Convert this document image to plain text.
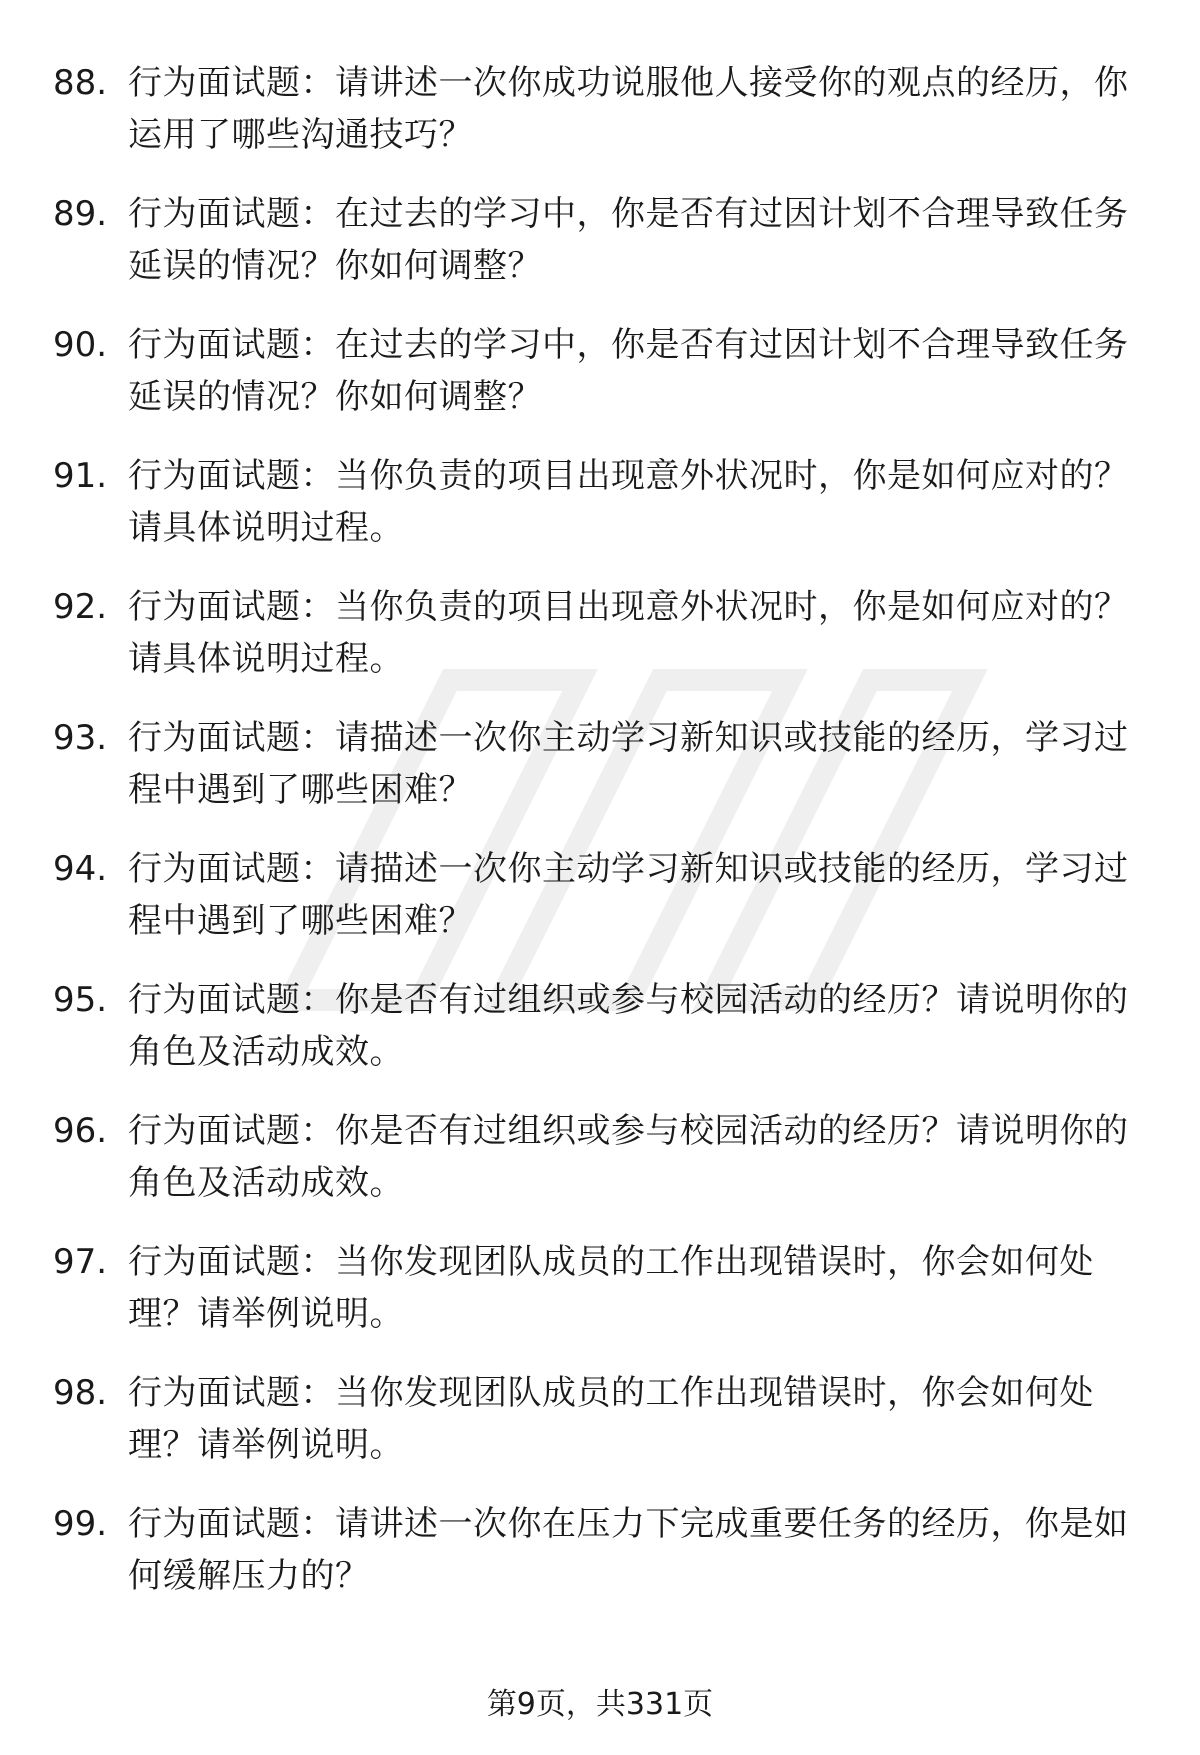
88. 行为面试题：请讲述一次你成功说服他人接受你的观点的经历，你运用了哪些沟通技巧？
89. 行为面试题：在过去的学习中，你是否有过因计划不合理导致任务延误的情况？你如何调整？
90. 行为面试题：在过去的学习中，你是否有过因计划不合理导致任务延误的情况？你如何调整？
91. 行为面试题：当你负责的项目出现意外状况时，你是如何应对的？请具体说明过程。
92. 行为面试题：当你负责的项目出现意外状况时，你是如何应对的？请具体说明过程。
93. 行为面试题：请描述一次你主动学习新知识或技能的经历，学习过程中遇到了哪些困难？
94. 行为面试题：请描述一次你主动学习新知识或技能的经历，学习过程中遇到了哪些困难？
95. 行为面试题：你是否有过组织或参与校园活动的经历？请说明你的角色及活动成效。
96. 行为面试题：你是否有过组织或参与校园活动的经历？请说明你的角色及活动成效。
97. 行为面试题：当你发现团队成员的工作出现错误时，你会如何处理？请举例说明。
98. 行为面试题：当你发现团队成员的工作出现错误时，你会如何处理？请举例说明。
99. 行为面试题：请讲述一次你在压力下完成重要任务的经历，你是如何缓解压力的？
第9页，共331页
